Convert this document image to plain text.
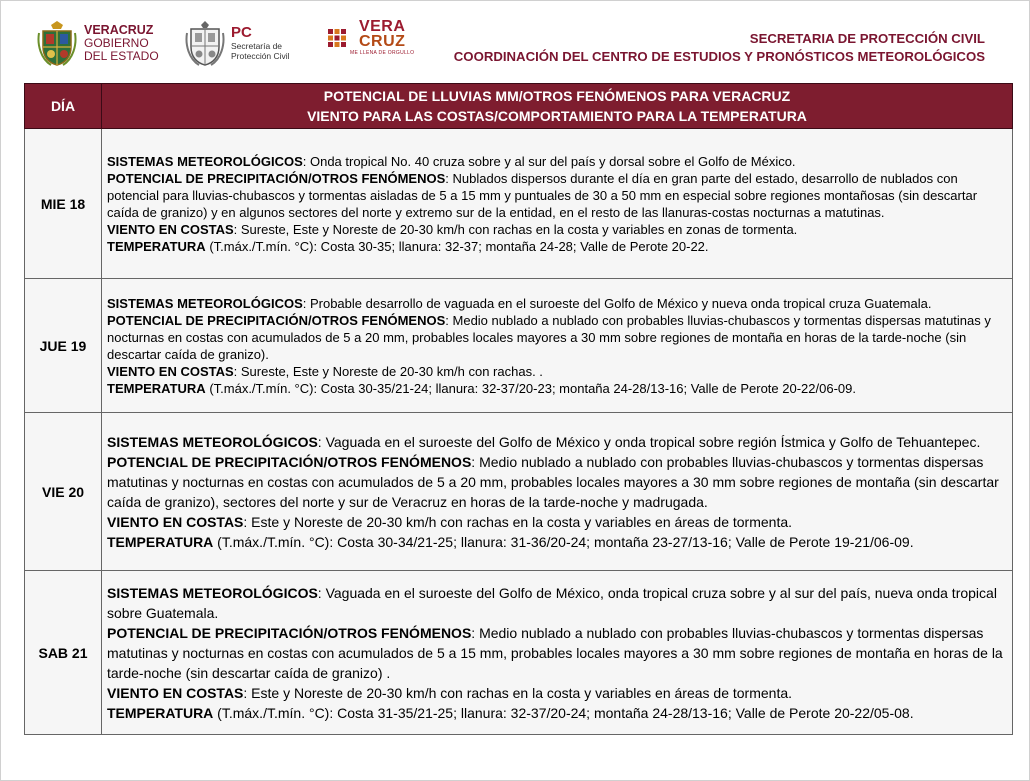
VERACRUZ
GOBIERNO
DEL ESTADO
PC
Secretaría de
Protección Civil
VERA
CRUZ
ME LLENA DE ORGULLO
SECRETARIA DE PROTECCIÓN CIVIL
COORDINACIÓN DEL CENTRO DE ESTUDIOS Y PRONÓSTICOS METEOROLÓGICOS
DÍA	POTENCIAL DE LLUVIAS MM/OTROS FENÓMENOS PARA VERACRUZ
VIENTO PARA LAS COSTAS/COMPORTAMIENTO PARA LA TEMPERATURA

MIE 18	SISTEMAS METEOROLÓGICOS: Onda tropical No. 40 cruza sobre y al sur del país y dorsal sobre el Golfo de México.
POTENCIAL DE PRECIPITACIÓN/OTROS FENÓMENOS: Nublados dispersos durante el día en gran parte del estado, desarrollo de nublados con potencial para lluvias-chubascos y tormentas aisladas de 5 a 15 mm y puntuales de 30 a 50 mm en especial sobre regiones montañosas (sin descartar caída de granizo) y en algunos sectores del norte y extremo sur de la entidad, en el resto de las llanuras-costas nocturnas a matutinas.
VIENTO EN COSTAS: Sureste, Este y Noreste de 20-30 km/h con rachas en la costa y variables en zonas de tormenta.
TEMPERATURA (T.máx./T.mín. °C): Costa 30-35; llanura: 32-37; montaña 24-28; Valle de Perote 20-22.

JUE 19	SISTEMAS METEOROLÓGICOS: Probable desarrollo de vaguada en el suroeste del Golfo de México y nueva onda tropical cruza Guatemala.
POTENCIAL DE PRECIPITACIÓN/OTROS FENÓMENOS: Medio nublado a nublado con probables lluvias-chubascos y tormentas dispersas matutinas y nocturnas en costas con acumulados de 5 a 20 mm, probables locales mayores a 30 mm sobre regiones de montaña en horas de la tarde-noche (sin descartar caída de granizo).
VIENTO EN COSTAS: Sureste, Este y Noreste de 20-30 km/h con rachas. .
TEMPERATURA (T.máx./T.mín. °C): Costa 30-35/21-24; llanura: 32-37/20-23; montaña 24-28/13-16; Valle de Perote 20-22/06-09.

VIE 20	SISTEMAS METEOROLÓGICOS: Vaguada en el suroeste del Golfo de México y onda tropical sobre región Ístmica y Golfo de Tehuantepec.
POTENCIAL DE PRECIPITACIÓN/OTROS FENÓMENOS: Medio nublado a nublado con probables lluvias-chubascos y tormentas dispersas matutinas y nocturnas en costas con acumulados de 5 a 20 mm, probables locales mayores a 30 mm sobre regiones de montaña (sin descartar caída de granizo), sectores del norte y sur de Veracruz en horas de la tarde-noche y madrugada.
VIENTO EN COSTAS: Este y Noreste de 20-30 km/h con rachas en la costa y variables en áreas de tormenta.
TEMPERATURA (T.máx./T.mín. °C): Costa 30-34/21-25; llanura: 31-36/20-24; montaña 23-27/13-16; Valle de Perote 19-21/06-09.

SAB 21	SISTEMAS METEOROLÓGICOS: Vaguada en el suroeste del Golfo de México, onda tropical cruza sobre y al sur del país, nueva onda tropical sobre Guatemala.
POTENCIAL DE PRECIPITACIÓN/OTROS FENÓMENOS: Medio nublado a nublado con probables lluvias-chubascos y tormentas dispersas matutinas y nocturnas en costas con acumulados de 5 a 15 mm, probables locales mayores a 30 mm sobre regiones de montaña en horas de la tarde-noche (sin descartar caída de granizo) .
VIENTO EN COSTAS: Este y Noreste de 20-30 km/h con rachas en la costa y variables en áreas de tormenta.
TEMPERATURA (T.máx./T.mín. °C): Costa 31-35/21-25; llanura: 32-37/20-24; montaña 24-28/13-16; Valle de Perote 20-22/05-08.
